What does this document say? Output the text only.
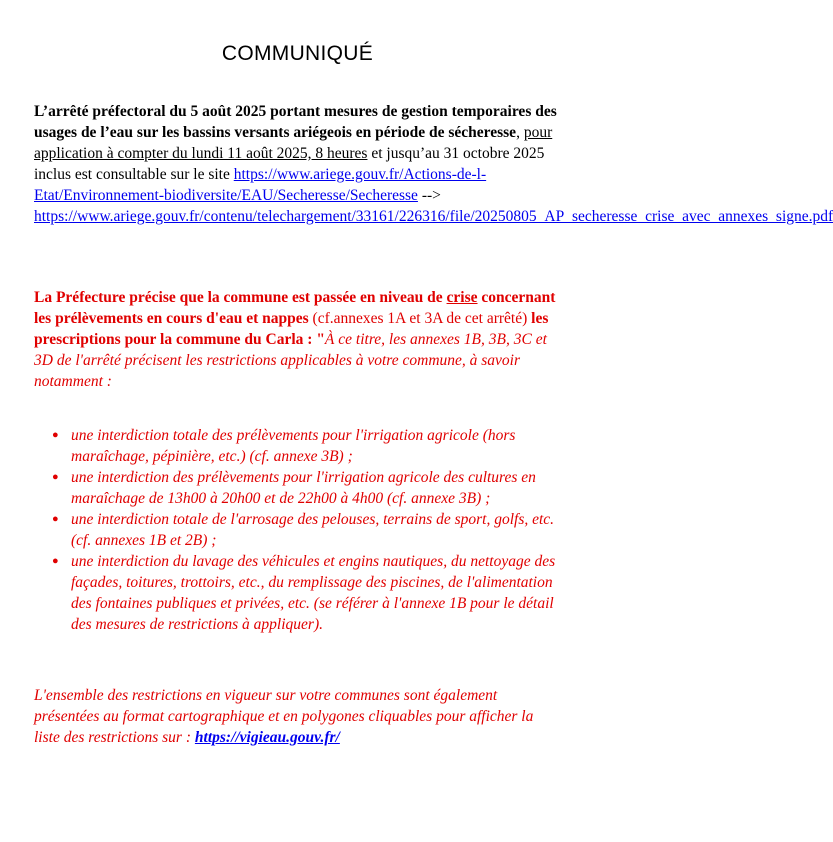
COMMUNIQUÉ
L’arrêté préfectoral du 5 août 2025 portant mesures de gestion temporaires des usages de l’eau sur les bassins versants ariégeois en période de sécheresse, pour application à compter du lundi 11 août 2025, 8 heures et jusqu’au 31 octobre 2025 inclus est consultable sur le site https://www.ariege.gouv.fr/Actions-de-l-Etat/Environnement-biodiversite/EAU/Secheresse/Secheresse --> https://www.ariege.gouv.fr/contenu/telechargement/33161/226316/file/20250805_AP_secheresse_crise_avec_annexes_signe.pdf
La Préfecture précise que la commune est passée en niveau de crise concernant les prélèvements en cours d'eau et nappes (cf.annexes 1A et 3A de cet arrêté) les prescriptions pour la commune du Carla : "À ce titre, les annexes 1B, 3B, 3C et 3D de l'arrêté précisent les restrictions applicables à votre commune, à savoir notamment :
● une interdiction totale des prélèvements pour l'irrigation agricole (hors maraîchage, pépinière, etc.) (cf. annexe 3B) ;
● une interdiction des prélèvements pour l'irrigation agricole des cultures en maraîchage de 13h00 à 20h00 et de 22h00 à 4h00 (cf. annexe 3B) ;
● une interdiction totale de l'arrosage des pelouses, terrains de sport, golfs, etc. (cf. annexes 1B et 2B) ;
● une interdiction du lavage des véhicules et engins nautiques, du nettoyage des façades, toitures, trottoirs, etc., du remplissage des piscines, de l'alimentation des fontaines publiques et privées, etc. (se référer à l'annexe 1B pour le détail des mesures de restrictions à appliquer).
L'ensemble des restrictions en vigueur sur votre communes sont également présentées au format cartographique et en polygones cliquables pour afficher la liste des restrictions sur : https://vigieau.gouv.fr/
